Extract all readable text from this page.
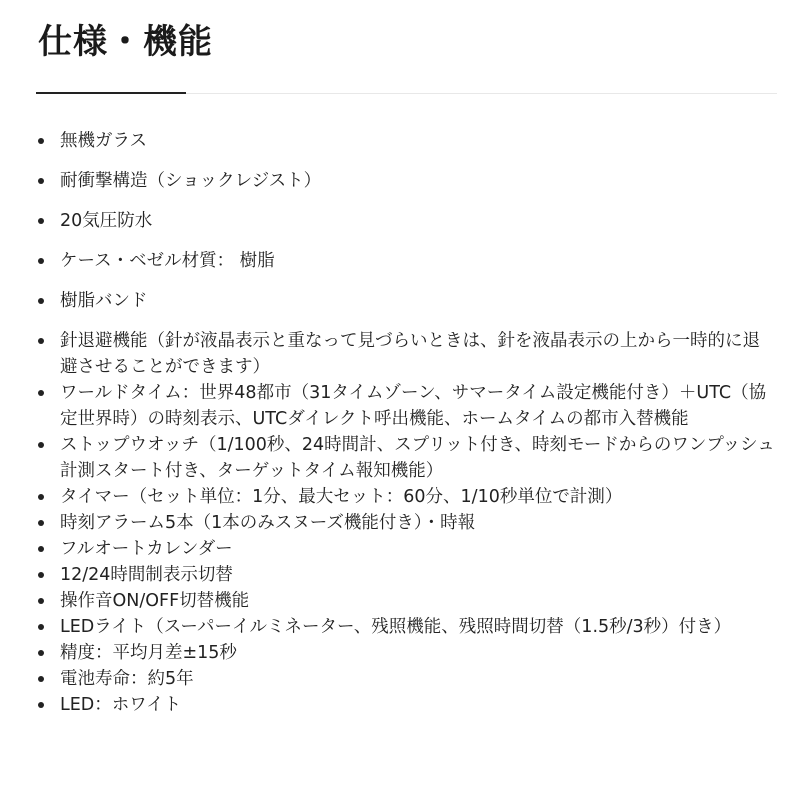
仕様・機能
無機ガラス
耐衝撃構造（ショックレジスト）
20気圧防水
ケース・ベゼル材質： 樹脂
樹脂バンド
針退避機能（針が液晶表示と重なって見づらいときは、針を液晶表示の上から一時的に退避させることができます）
ワールドタイム：世界48都市（31タイムゾーン、サマータイム設定機能付き）＋UTC（協定世界時）の時刻表示、UTCダイレクト呼出機能、ホームタイムの都市入替機能
ストップウオッチ（1/100秒、24時間計、スプリット付き、時刻モードからのワンプッシュ計測スタート付き、ターゲットタイム報知機能）
タイマー（セット単位：1分、最大セット：60分、1/10秒単位で計測）
時刻アラーム5本（1本のみスヌーズ機能付き）・時報
フルオートカレンダー
12/24時間制表示切替
操作音ON/OFF切替機能
LEDライト（スーパーイルミネーター、残照機能、残照時間切替（1.5秒/3秒）付き）
精度：平均月差±15秒
電池寿命：約5年
LED：ホワイト
